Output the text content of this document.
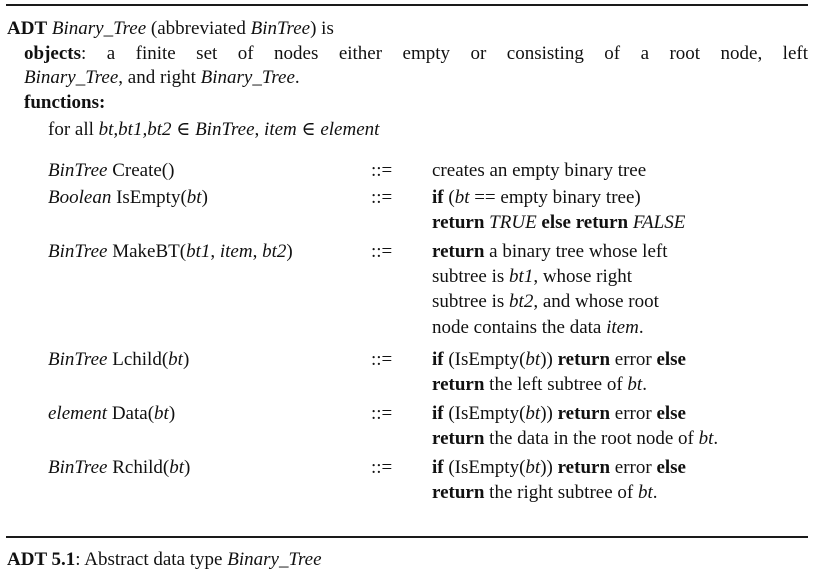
ADT Binary_Tree (abbreviated BinTree) is
objects: a finite set of nodes either empty or consisting of a root node, left
Binary_Tree, and right Binary_Tree.
functions:
for all bt,bt1,bt2 ∈ BinTree, item ∈ element
BinTree Create()	::= creates an empty binary tree
Boolean IsEmpty(bt)	::= if (bt == empty binary tree)
return TRUE else return FALSE
BinTree MakeBT(bt1, item, bt2)	::= return a binary tree whose left
subtree is bt1, whose right
subtree is bt2, and whose root
node contains the data item.
BinTree Lchild(bt)	::= if (IsEmpty(bt)) return error else
return the left subtree of bt.
element Data(bt)	::= if (IsEmpty(bt)) return error else
return the data in the root node of bt.
BinTree Rchild(bt)	::= if (IsEmpty(bt)) return error else
return the right subtree of bt.
ADT 5.1: Abstract data type Binary_Tree
